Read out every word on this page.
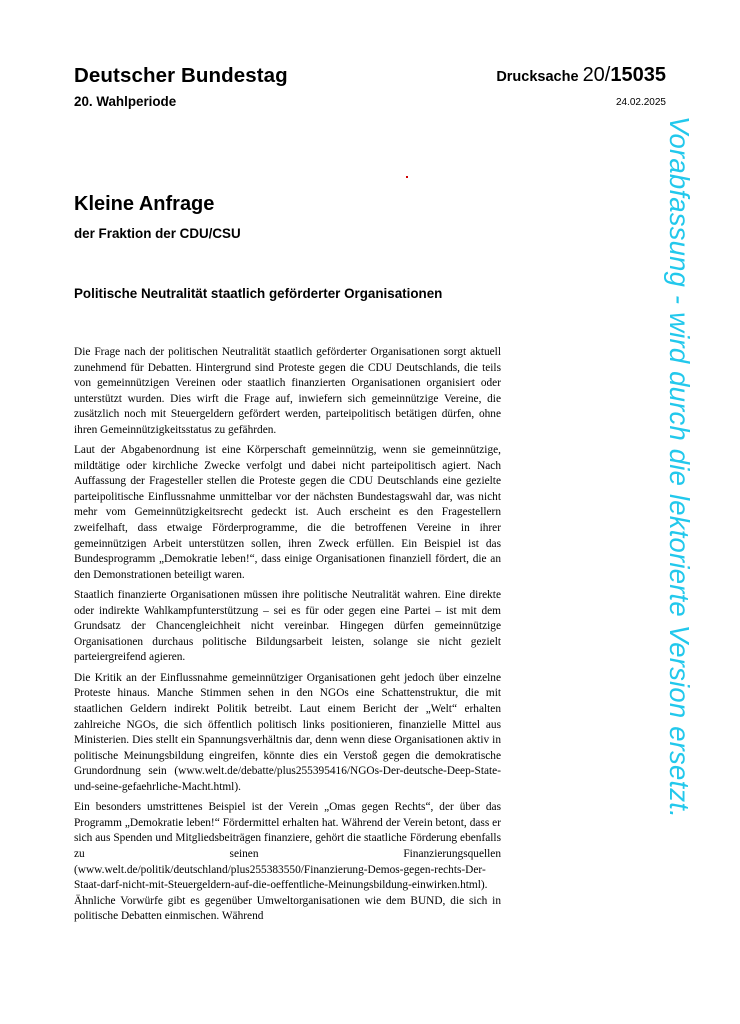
Deutscher Bundestag
20. Wahlperiode
Drucksache 20/15035
24.02.2025
Kleine Anfrage
der Fraktion der CDU/CSU
Politische Neutralität staatlich geförderter Organisationen

Die Frage nach der politischen Neutralität staatlich geförderter Organisationen sorgt aktuell zunehmend für Debatten. Hintergrund sind Proteste gegen die CDU Deutschlands, die teils von gemeinnützigen Vereinen oder staatlich finanzierten Organisationen organisiert oder unterstützt wurden. Dies wirft die Frage auf, inwiefern sich gemeinnützige Vereine, die zusätzlich noch mit Steuergeldern gefördert werden, parteipolitisch betätigen dürfen, ohne ihren Gemeinnützigkeitsstatus zu gefährden.

Laut der Abgabenordnung ist eine Körperschaft gemeinnützig, wenn sie gemeinnützige, mildtätige oder kirchliche Zwecke verfolgt und dabei nicht parteipolitisch agiert. Nach Auffassung der Fragesteller stellen die Proteste gegen die CDU Deutschlands eine gezielte parteipolitische Einflussnahme unmittelbar vor der nächsten Bundestagswahl dar, was nicht mehr vom Gemeinnützigkeitsrecht gedeckt ist. Auch erscheint es den Fragestellern zweifelhaft, dass etwaige Förderprogramme, die die betroffenen Vereine in ihrer gemeinnützigen Arbeit unterstützen sollen, ihren Zweck erfüllen. Ein Beispiel ist das Bundesprogramm „Demokratie leben!“, dass einige Organisationen finanziell fördert, die an den Demonstrationen beteiligt waren.

Staatlich finanzierte Organisationen müssen ihre politische Neutralität wahren. Eine direkte oder indirekte Wahlkampfunterstützung – sei es für oder gegen eine Partei – ist mit dem Grundsatz der Chancengleichheit nicht vereinbar. Hingegen dürfen gemeinnützige Organisationen durchaus politische Bildungsarbeit leisten, solange sie nicht gezielt parteiergreifend agieren.

Die Kritik an der Einflussnahme gemeinnütziger Organisationen geht jedoch über einzelne Proteste hinaus. Manche Stimmen sehen in den NGOs eine Schattenstruktur, die mit staatlichen Geldern indirekt Politik betreibt. Laut einem Bericht der „Welt“ erhalten zahlreiche NGOs, die sich öffentlich politisch links positionieren, finanzielle Mittel aus Ministerien. Dies stellt ein Spannungsverhältnis dar, denn wenn diese Organisationen aktiv in politische Meinungsbildung eingreifen, könnte dies ein Verstoß gegen die demokratische Grundordnung sein (www.welt.de/debatte/plus255395416/NGOs-Der-deutsche-Deep-State-und-seine-gefaehrliche-Macht.html).

Ein besonders umstrittenes Beispiel ist der Verein „Omas gegen Rechts“, der über das Programm „Demokratie leben!“ Fördermittel erhalten hat. Während der Verein betont, dass er sich aus Spenden und Mitgliedsbeiträgen finanziere, gehört die staatliche Förderung ebenfalls zu seinen Finanzierungsquellen (www.welt.de/politik/deutschland/plus255383550/Finanzierung-Demos-gegen-rechts-Der-Staat-darf-nicht-mit-Steuergeldern-auf-die-oeffentliche-Meinungsbildung-einwirken.html). Ähnliche Vorwürfe gibt es gegenüber Umweltorganisationen wie dem BUND, die sich in politische Debatten einmischen. Während

Vorabfassung - wird durch die lektorierte Version ersetzt.
